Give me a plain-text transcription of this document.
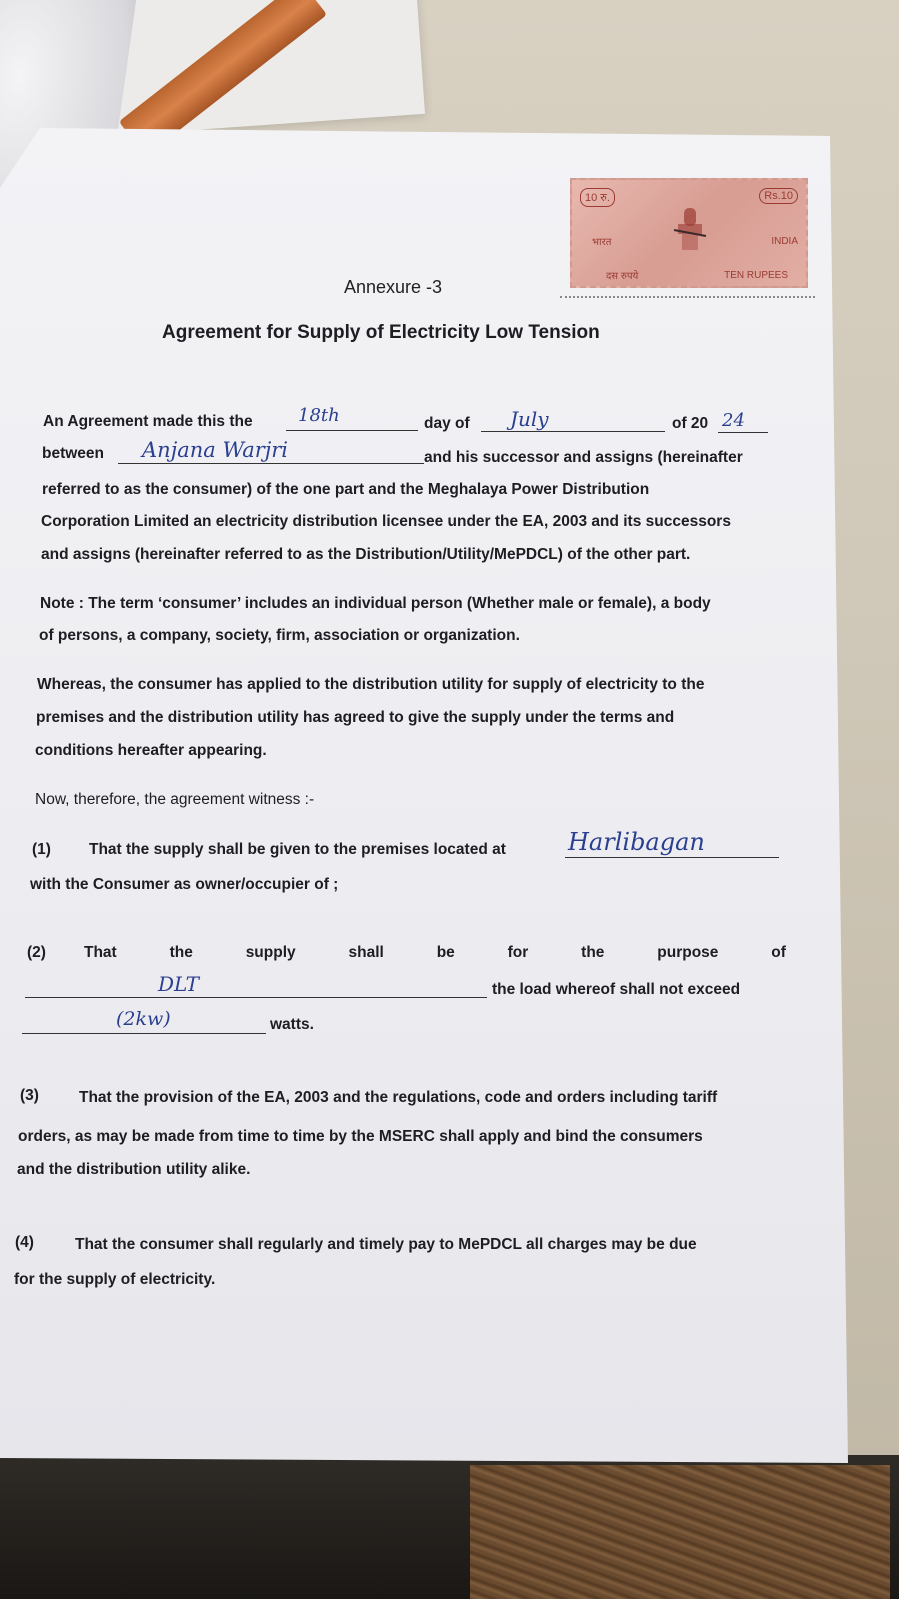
10 रु.	Rs.10
भारत	INDIA
दस रुपये	TEN RUPEES
Annexure -3
Agreement for Supply of Electricity Low Tension
An Agreement made this the	18th	day of July	of 20 24
between Anjana Warjri	and his successor and assigns (hereinafter
referred to as the consumer) of the one part and the Meghalaya Power Distribution
Corporation Limited an electricity distribution licensee under the EA, 2003 and its successors
and assigns (hereinafter referred to as the Distribution/Utility/MePDCL) of the other part.
Note : The term ‘consumer’ includes an individual person (Whether male or female), a body
of persons, a company, society, firm, association or organization.
Whereas, the consumer has applied to the distribution utility for supply of electricity to the
premises and the distribution utility has agreed to give the supply under the terms and
conditions hereafter appearing.
Now, therefore, the agreement witness :-
(1) That the supply shall be given to the premises located at	Harlibagan
with the Consumer as owner/occupier of ;
(2) That	the	supply	shall	be	for	the	purpose	of
DLT	the load whereof shall not exceed
(2kw)	watts.
(3)	That the provision of the EA, 2003 and the regulations, code and orders including tariff
orders, as may be made from time to time by the MSERC shall apply and bind the consumers
and the distribution utility alike.
(4)	That the consumer shall regularly and timely pay to MePDCL all charges may be due
for the supply of electricity.
